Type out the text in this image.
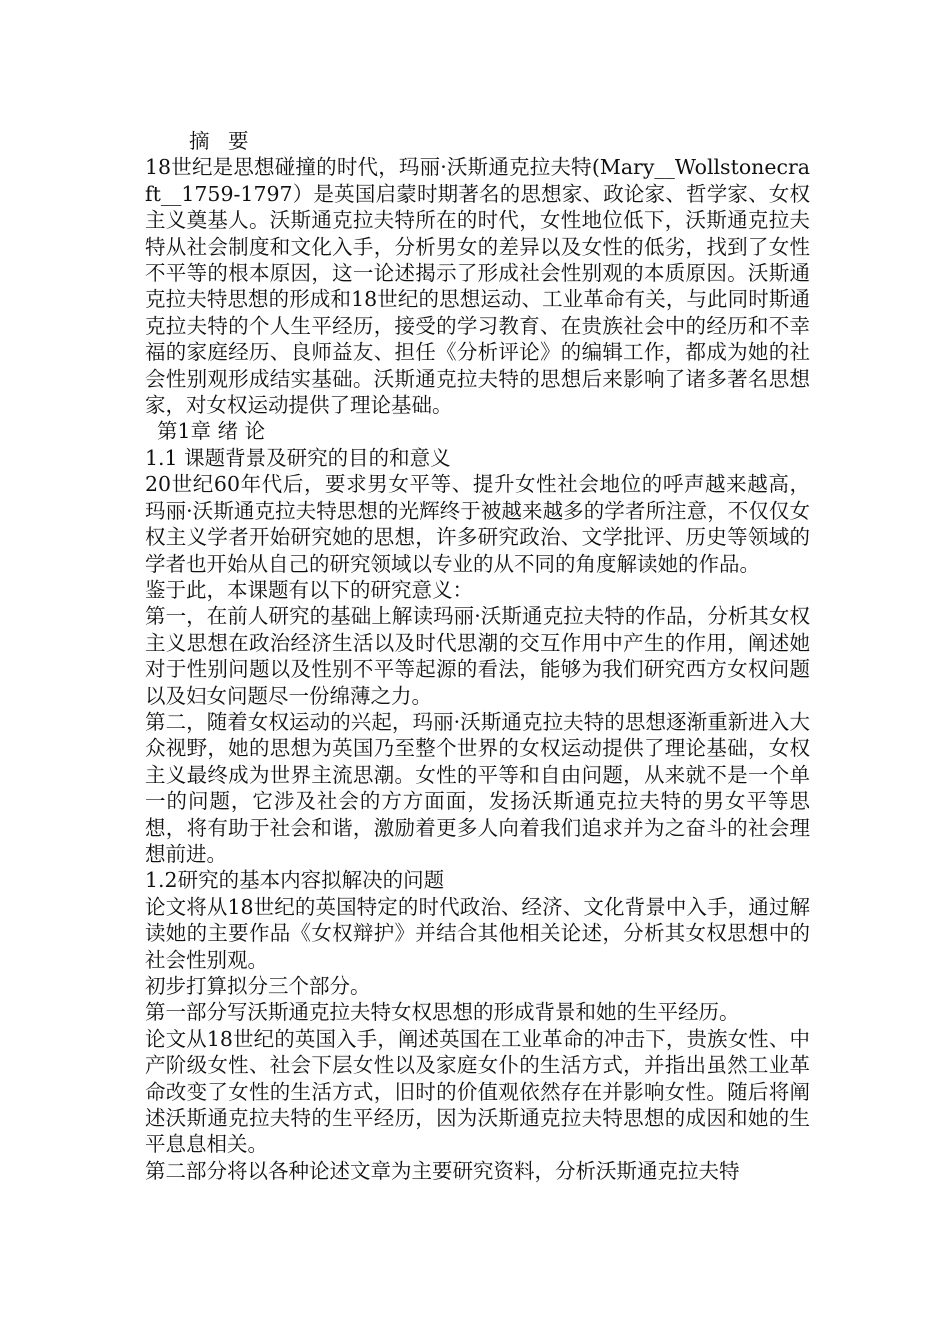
摘 要

18世纪是思想碰撞的时代，玛丽·沃斯通克拉夫特(Mary__Wollstonecraft__1759-1797）是英国启蒙时期著名的思想家、政论家、哲学家、女权主义奠基人。沃斯通克拉夫特所在的时代，女性地位低下，沃斯通克拉夫特从社会制度和文化入手，分析男女的差异以及女性的低劣，找到了女性不平等的根本原因，这一论述揭示了形成社会性别观的本质原因。沃斯通克拉夫特思想的形成和18世纪的思想运动、工业革命有关，与此同时斯通克拉夫特的个人生平经历，接受的学习教育、在贵族社会中的经历和不幸福的家庭经历、良师益友、担任《分析评论》的编辑工作，都成为她的社会性别观形成结实基础。沃斯通克拉夫特的思想后来影响了诸多著名思想家，对女权运动提供了理论基础。

第1章 绪 论

1.1 课题背景及研究的目的和意义

20世纪60年代后，要求男女平等、提升女性社会地位的呼声越来越高，玛丽·沃斯通克拉夫特思想的光辉终于被越来越多的学者所注意，不仅仅女权主义学者开始研究她的思想，许多研究政治、文学批评、历史等领域的学者也开始从自己的研究领域以专业的从不同的角度解读她的作品。

鉴于此，本课题有以下的研究意义：

第一，在前人研究的基础上解读玛丽·沃斯通克拉夫特的作品，分析其女权主义思想在政治经济生活以及时代思潮的交互作用中产生的作用，阐述她对于性别问题以及性别不平等起源的看法，能够为我们研究西方女权问题以及妇女问题尽一份绵薄之力。

第二，随着女权运动的兴起，玛丽·沃斯通克拉夫特的思想逐渐重新进入大众视野，她的思想为英国乃至整个世界的女权运动提供了理论基础，女权主义最终成为世界主流思潮。女性的平等和自由问题，从来就不是一个单一的问题，它涉及社会的方方面面，发扬沃斯通克拉夫特的男女平等思想，将有助于社会和谐，激励着更多人向着我们追求并为之奋斗的社会理想前进。

1.2研究的基本内容拟解决的问题

论文将从18世纪的英国特定的时代政治、经济、文化背景中入手，通过解读她的主要作品《女权辩护》并结合其他相关论述，分析其女权思想中的社会性别观。

初步打算拟分三个部分。

第一部分写沃斯通克拉夫特女权思想的形成背景和她的生平经历。

论文从18世纪的英国入手，阐述英国在工业革命的冲击下，贵族女性、中产阶级女性、社会下层女性以及家庭女仆的生活方式，并指出虽然工业革命改变了女性的生活方式，旧时的价值观依然存在并影响女性。随后将阐述沃斯通克拉夫特的生平经历，因为沃斯通克拉夫特思想的成因和她的生平息息相关。

第二部分将以各种论述文章为主要研究资料，分析沃斯通克拉夫特
